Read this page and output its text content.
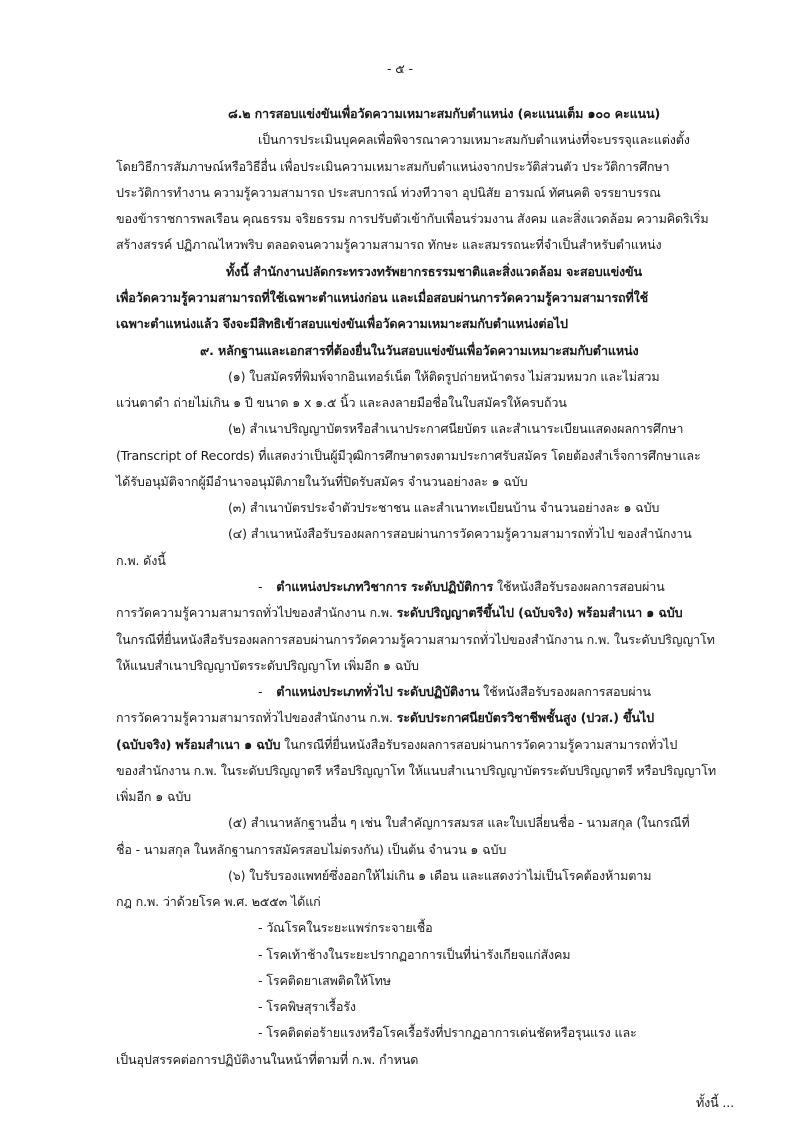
- ๕ -
๘.๒ การสอบแข่งขันเพื่อวัดความเหมาะสมกับตำแหน่ง (คะแนนเต็ม ๑๐๐ คะแนน)
เป็นการประเมินบุคคลเพื่อพิจารณาความเหมาะสมกับตำแหน่งที่จะบรรจุและแต่งตั้ง
โดยวิธีการสัมภาษณ์หรือวิธีอื่น เพื่อประเมินความเหมาะสมกับตำแหน่งจากประวัติส่วนตัว ประวัติการศึกษา
ประวัติการทำงาน ความรู้ความสามารถ ประสบการณ์ ท่วงทีวาจา อุปนิสัย อารมณ์ ทัศนคติ จรรยาบรรณ
ของข้าราชการพลเรือน คุณธรรม จริยธรรม การปรับตัวเข้ากับเพื่อนร่วมงาน สังคม และสิ่งแวดล้อม ความคิดริเริ่ม
สร้างสรรค์ ปฏิภาณไหวพริบ ตลอดจนความรู้ความสามารถ ทักษะ และสมรรถนะที่จำเป็นสำหรับตำแหน่ง
ทั้งนี้ สำนักงานปลัดกระทรวงทรัพยากรธรรมชาติและสิ่งแวดล้อม จะสอบแข่งขัน
เพื่อวัดความรู้ความสามารถที่ใช้เฉพาะตำแหน่งก่อน และเมื่อสอบผ่านการวัดความรู้ความสามารถที่ใช้
เฉพาะตำแหน่งแล้ว จึงจะมีสิทธิเข้าสอบแข่งขันเพื่อวัดความเหมาะสมกับตำแหน่งต่อไป
๙. หลักฐานและเอกสารที่ต้องยื่นในวันสอบแข่งขันเพื่อวัดความเหมาะสมกับตำแหน่ง
(๑) ใบสมัครที่พิมพ์จากอินเทอร์เน็ต ให้ติดรูปถ่ายหน้าตรง ไม่สวมหมวก และไม่สวม
แว่นตาดำ ถ่ายไม่เกิน ๑ ปี ขนาด ๑ x ๑.๕ นิ้ว และลงลายมือชื่อในใบสมัครให้ครบถ้วน
(๒) สำเนาปริญญาบัตรหรือสำเนาประกาศนียบัตร และสำเนาระเบียนแสดงผลการศึกษา
(Transcript of Records) ที่แสดงว่าเป็นผู้มีวุฒิการศึกษาตรงตามประกาศรับสมัคร โดยต้องสำเร็จการศึกษาและ
ได้รับอนุมัติจากผู้มีอำนาจอนุมัติภายในวันที่ปิดรับสมัคร จำนวนอย่างละ ๑ ฉบับ
(๓) สำเนาบัตรประจำตัวประชาชน และสำเนาทะเบียนบ้าน จำนวนอย่างละ ๑ ฉบับ
(๔) สำเนาหนังสือรับรองผลการสอบผ่านการวัดความรู้ความสามารถทั่วไป ของสำนักงาน
ก.พ. ดังนี้
- ตำแหน่งประเภทวิชาการ ระดับปฏิบัติการ ใช้หนังสือรับรองผลการสอบผ่าน
การวัดความรู้ความสามารถทั่วไปของสำนักงาน ก.พ. ระดับปริญญาตรีขึ้นไป (ฉบับจริง) พร้อมสำเนา ๑ ฉบับ
ในกรณีที่ยื่นหนังสือรับรองผลการสอบผ่านการวัดความรู้ความสามารถทั่วไปของสำนักงาน ก.พ. ในระดับปริญญาโท
ให้แนบสำเนาปริญญาบัตรระดับปริญญาโท เพิ่มอีก ๑ ฉบับ
- ตำแหน่งประเภททั่วไป ระดับปฏิบัติงาน ใช้หนังสือรับรองผลการสอบผ่าน
การวัดความรู้ความสามารถทั่วไปของสำนักงาน ก.พ. ระดับประกาศนียบัตรวิชาชีพชั้นสูง (ปวส.) ขึ้นไป
(ฉบับจริง) พร้อมสำเนา ๑ ฉบับ ในกรณีที่ยื่นหนังสือรับรองผลการสอบผ่านการวัดความรู้ความสามารถทั่วไป
ของสำนักงาน ก.พ. ในระดับปริญญาตรี หรือปริญญาโท ให้แนบสำเนาปริญญาบัตรระดับปริญญาตรี หรือปริญญาโท
เพิ่มอีก ๑ ฉบับ
(๕) สำเนาหลักฐานอื่น ๆ เช่น ใบสำคัญการสมรส และใบเปลี่ยนชื่อ - นามสกุล (ในกรณีที่
ชื่อ - นามสกุล ในหลักฐานการสมัครสอบไม่ตรงกัน) เป็นต้น จำนวน ๑ ฉบับ
(๖) ใบรับรองแพทย์ซึ่งออกให้ไม่เกิน ๑ เดือน และแสดงว่าไม่เป็นโรคต้องห้ามตาม
กฎ ก.พ. ว่าด้วยโรค พ.ศ. ๒๕๕๓ ได้แก่
- วัณโรคในระยะแพร่กระจายเชื้อ
- โรคเท้าช้างในระยะปรากฏอาการเป็นที่น่ารังเกียจแก่สังคม
- โรคติดยาเสพติดให้โทษ
- โรคพิษสุราเรื้อรัง
- โรคติดต่อร้ายแรงหรือโรคเรื้อรังที่ปรากฏอาการเด่นชัดหรือรุนแรง และ
เป็นอุปสรรคต่อการปฏิบัติงานในหน้าที่ตามที่ ก.พ. กำหนด
ทั้งนี้ ...
